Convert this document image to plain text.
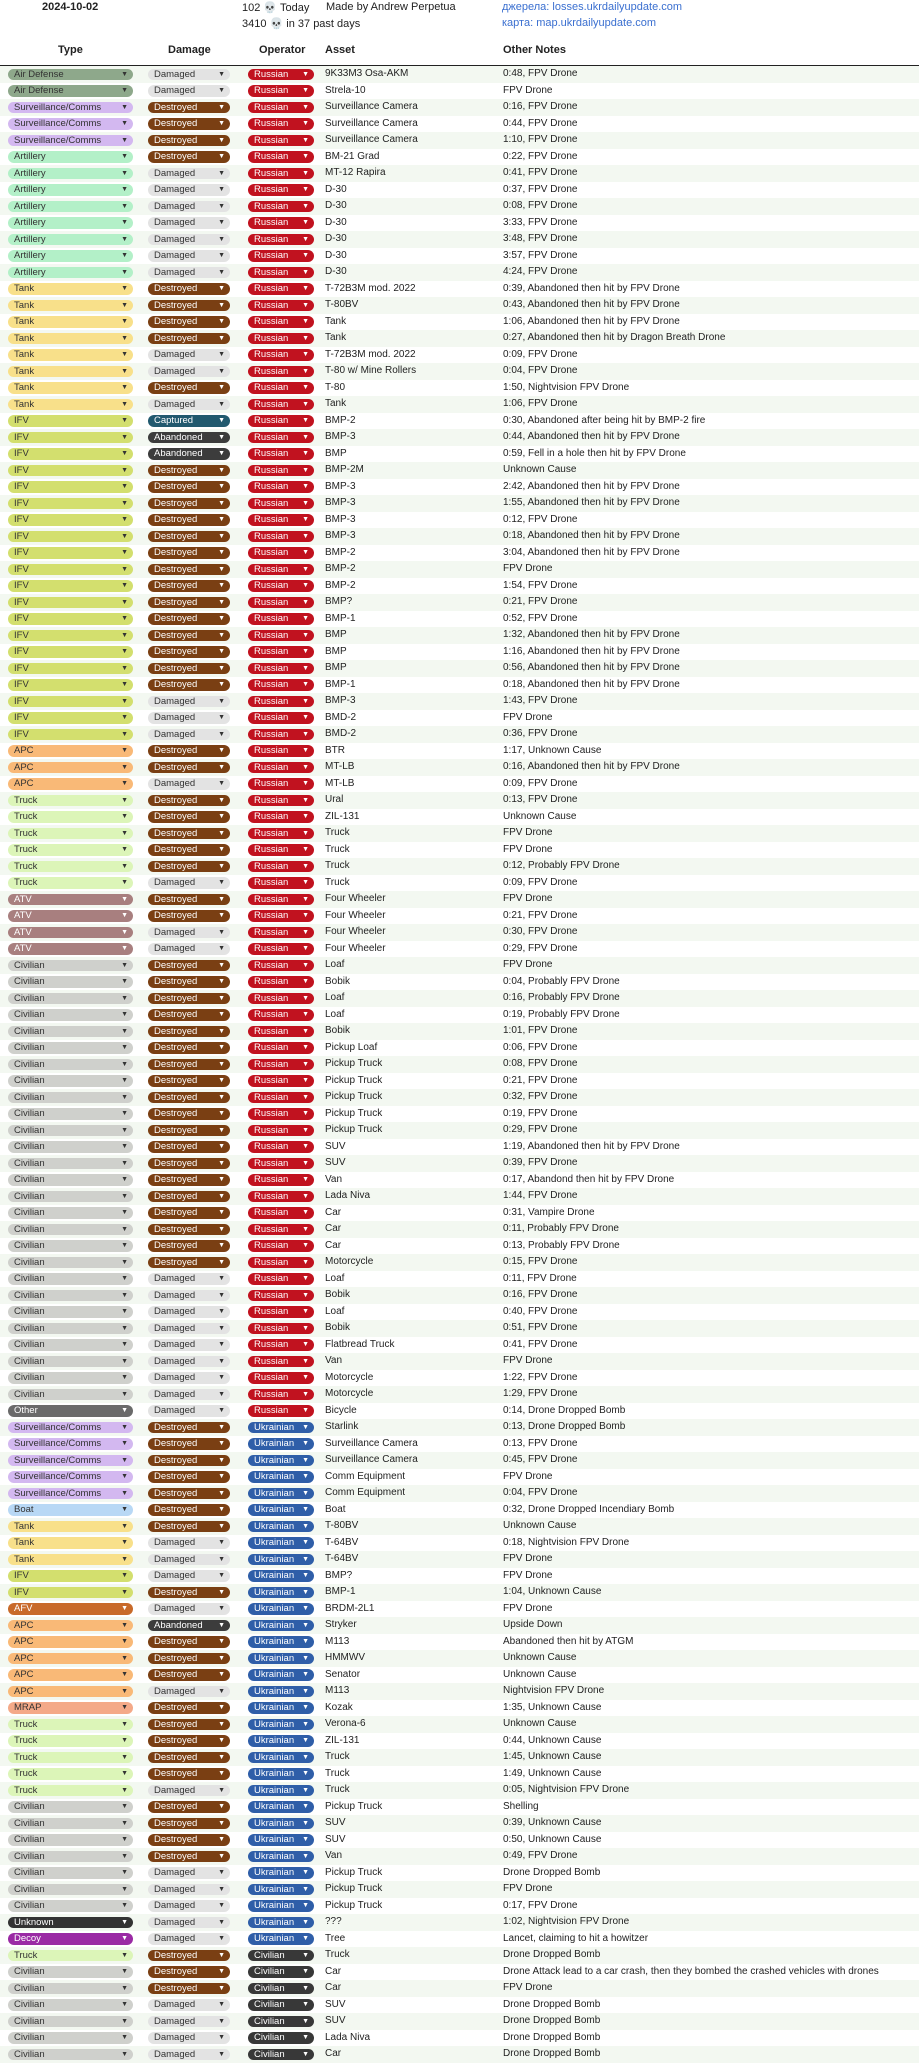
2024-10-02	102 💀 Today
3410 💀 in 37 past days
Made by Andrew Perpetua	джерела: losses.ukrdailyupdate.com
карта: map.ukrdailyupdate.com
Type	Damage	Operator Asset	Other Notes
Air Defense	▼	Damaged	▼	Russian ▼ 9K33M3 Osa-AKM	0:48, FPV Drone
Air Defense	▼	Damaged	▼	Russian ▼ Strela-10	FPV Drone
Surveillance/Comms	▼	Destroyed	▼	Russian ▼ Surveillance Camera	0:16, FPV Drone
Surveillance/Comms	▼	Destroyed	▼	Russian ▼ Surveillance Camera	0:44, FPV Drone
Surveillance/Comms	▼	Destroyed	▼	Russian ▼ Surveillance Camera	1:10, FPV Drone
Artillery	▼	Destroyed	▼	Russian ▼ BM-21 Grad	0:22, FPV Drone
Artillery	▼	Damaged	▼	Russian ▼ MT-12 Rapira	0:41, FPV Drone
Artillery	▼	Damaged	▼	Russian ▼ D-30	0:37, FPV Drone
Artillery	▼	Damaged	▼	Russian ▼ D-30	0:08, FPV Drone
Artillery	▼	Damaged	▼	Russian ▼ D-30	3:33, FPV Drone
Artillery	▼	Damaged	▼	Russian ▼ D-30	3:48, FPV Drone
Artillery	▼	Damaged	▼	Russian ▼ D-30	3:57, FPV Drone
Artillery	▼	Damaged	▼	Russian ▼ D-30	4:24, FPV Drone
Tank	▼	Destroyed	▼	Russian ▼ T-72B3M mod. 2022	0:39, Abandoned then hit by FPV Drone
Tank	▼	Destroyed	▼	Russian ▼ T-80BV	0:43, Abandoned then hit by FPV Drone
Tank	▼	Destroyed	▼	Russian ▼ Tank	1:06, Abandoned then hit by FPV Drone
Tank	▼	Destroyed	▼	Russian ▼ Tank	0:27, Abandoned then hit by Dragon Breath Drone
Tank	▼	Damaged	▼	Russian ▼ T-72B3M mod. 2022	0:09, FPV Drone
Tank	▼	Damaged	▼	Russian ▼ T-80 w/ Mine Rollers	0:04, FPV Drone
Tank	▼	Destroyed	▼	Russian ▼ T-80	1:50, Nightvision FPV Drone
Tank	▼	Damaged	▼	Russian ▼ Tank	1:06, FPV Drone
IFV	▼	Captured	▼	Russian ▼ BMP-2	0:30, Abandoned after being hit by BMP-2 fire
IFV	▼	Abandoned ▼	Russian ▼ BMP-3	0:44, Abandoned then hit by FPV Drone
IFV	▼	Abandoned ▼	Russian ▼ BMP	0:59, Fell in a hole then hit by FPV Drone
IFV	▼	Destroyed	▼	Russian ▼ BMP-2M	Unknown Cause
IFV	▼	Destroyed	▼	Russian ▼ BMP-3	2:42, Abandoned then hit by FPV Drone
IFV	▼	Destroyed	▼	Russian ▼ BMP-3	1:55, Abandoned then hit by FPV Drone
IFV	▼	Destroyed	▼	Russian ▼ BMP-3	0:12, FPV Drone
IFV	▼	Destroyed	▼	Russian ▼ BMP-3	0:18, Abandoned then hit by FPV Drone
IFV	▼	Destroyed	▼	Russian ▼ BMP-2	3:04, Abandoned then hit by FPV Drone
IFV	▼	Destroyed	▼	Russian ▼ BMP-2	FPV Drone
IFV	▼	Destroyed	▼	Russian ▼ BMP-2	1:54, FPV Drone
IFV	▼	Destroyed	▼	Russian ▼ BMP?	0:21, FPV Drone
IFV	▼	Destroyed	▼	Russian ▼ BMP-1	0:52, FPV Drone
IFV	▼	Destroyed	▼	Russian ▼ BMP	1:32, Abandoned then hit by FPV Drone
IFV	▼	Destroyed	▼	Russian ▼ BMP	1:16, Abandoned then hit by FPV Drone
IFV	▼	Destroyed	▼	Russian ▼ BMP	0:56, Abandoned then hit by FPV Drone
IFV	▼	Destroyed	▼	Russian ▼ BMP-1	0:18, Abandoned then hit by FPV Drone
IFV	▼	Damaged	▼	Russian ▼ BMP-3	1:43, FPV Drone
IFV	▼	Damaged	▼	Russian ▼ BMD-2	FPV Drone
IFV	▼	Damaged	▼	Russian ▼ BMD-2	0:36, FPV Drone
APC	▼	Destroyed	▼	Russian ▼ BTR	1:17, Unknown Cause
APC	▼	Destroyed	▼	Russian ▼ MT-LB	0:16, Abandoned then hit by FPV Drone
APC	▼	Damaged	▼	Russian ▼ MT-LB	0:09, FPV Drone
Truck	▼	Destroyed	▼	Russian ▼ Ural	0:13, FPV Drone
Truck	▼	Destroyed	▼	Russian ▼ ZIL-131	Unknown Cause
Truck	▼	Destroyed	▼	Russian ▼ Truck	FPV Drone
Truck	▼	Destroyed	▼	Russian ▼ Truck	FPV Drone
Truck	▼	Destroyed	▼	Russian ▼ Truck	0:12, Probably FPV Drone
Truck	▼	Damaged	▼	Russian ▼ Truck	0:09, FPV Drone
ATV	▼	Destroyed	▼	Russian ▼ Four Wheeler	FPV Drone
ATV	▼	Destroyed	▼	Russian ▼ Four Wheeler	0:21, FPV Drone
ATV	▼	Damaged	▼	Russian ▼ Four Wheeler	0:30, FPV Drone
ATV	▼	Damaged	▼	Russian ▼ Four Wheeler	0:29, FPV Drone
Civilian	▼	Destroyed	▼	Russian ▼ Loaf	FPV Drone
Civilian	▼	Destroyed	▼	Russian ▼ Bobik	0:04, Probably FPV Drone
Civilian	▼	Destroyed	▼	Russian ▼ Loaf	0:16, Probably FPV Drone
Civilian	▼	Destroyed	▼	Russian ▼ Loaf	0:19, Probably FPV Drone
Civilian	▼	Destroyed	▼	Russian ▼ Bobik	1:01, FPV Drone
Civilian	▼	Destroyed	▼	Russian ▼ Pickup Loaf	0:06, FPV Drone
Civilian	▼	Destroyed	▼	Russian ▼ Pickup Truck	0:08, FPV Drone
Civilian	▼	Destroyed	▼	Russian ▼ Pickup Truck	0:21, FPV Drone
Civilian	▼	Destroyed	▼	Russian ▼ Pickup Truck	0:32, FPV Drone
Civilian	▼	Destroyed	▼	Russian ▼ Pickup Truck	0:19, FPV Drone
Civilian	▼	Destroyed	▼	Russian ▼ Pickup Truck	0:29, FPV Drone
Civilian	▼	Destroyed	▼	Russian ▼ SUV	1:19, Abandoned then hit by FPV Drone
Civilian	▼	Destroyed	▼	Russian ▼ SUV	0:39, FPV Drone
Civilian	▼	Destroyed	▼	Russian ▼ Van	0:17, Abandond then hit by FPV Drone
Civilian	▼	Destroyed	▼	Russian ▼ Lada Niva	1:44, FPV Drone
Civilian	▼	Destroyed	▼	Russian ▼ Car	0:31, Vampire Drone
Civilian	▼	Destroyed	▼	Russian ▼ Car	0:11, Probably FPV Drone
Civilian	▼	Destroyed	▼	Russian ▼ Car	0:13, Probably FPV Drone
Civilian	▼	Destroyed	▼	Russian ▼ Motorcycle	0:15, FPV Drone
Civilian	▼	Damaged	▼	Russian ▼ Loaf	0:11, FPV Drone
Civilian	▼	Damaged	▼	Russian ▼ Bobik	0:16, FPV Drone
Civilian	▼	Damaged	▼	Russian ▼ Loaf	0:40, FPV Drone
Civilian	▼	Damaged	▼	Russian ▼ Bobik	0:51, FPV Drone
Civilian	▼	Damaged	▼	Russian ▼ Flatbread Truck	0:41, FPV Drone
Civilian	▼	Damaged	▼	Russian ▼ Van	FPV Drone
Civilian	▼	Damaged	▼	Russian ▼ Motorcycle	1:22, FPV Drone
Civilian	▼	Damaged	▼	Russian ▼ Motorcycle	1:29, FPV Drone
Other	▼	Damaged	▼	Russian ▼ Bicycle	0:14, Drone Dropped Bomb
Surveillance/Comms	▼	Destroyed	▼	Ukrainian ▼ Starlink	0:13, Drone Dropped Bomb
Surveillance/Comms	▼	Destroyed	▼	Ukrainian ▼ Surveillance Camera	0:13, FPV Drone
Surveillance/Comms	▼	Destroyed	▼	Ukrainian ▼ Surveillance Camera	0:45, FPV Drone
Surveillance/Comms	▼	Destroyed	▼	Ukrainian ▼ Comm Equipment	FPV Drone
Surveillance/Comms	▼	Destroyed	▼	Ukrainian ▼ Comm Equipment	0:04, FPV Drone
Boat	▼	Destroyed	▼	Ukrainian ▼ Boat	0:32, Drone Dropped Incendiary Bomb
Tank	▼	Destroyed	▼	Ukrainian ▼ T-80BV	Unknown Cause
Tank	▼	Damaged	▼	Ukrainian ▼ T-64BV	0:18, Nightvision FPV Drone
Tank	▼	Damaged	▼	Ukrainian ▼ T-64BV	FPV Drone
IFV	▼	Damaged	▼	Ukrainian ▼ BMP?	FPV Drone
IFV	▼	Destroyed	▼	Ukrainian ▼ BMP-1	1:04, Unknown Cause
AFV	▼	Damaged	▼	Ukrainian ▼ BRDM-2L1	FPV Drone
APC	▼	Abandoned ▼	Ukrainian ▼ Stryker	Upside Down
APC	▼	Destroyed	▼	Ukrainian ▼ M113	Abandoned then hit by ATGM
APC	▼	Destroyed	▼	Ukrainian ▼ HMMWV	Unknown Cause
APC	▼	Destroyed	▼	Ukrainian ▼ Senator	Unknown Cause
APC	▼	Damaged	▼	Ukrainian ▼ M113	Nightvision FPV Drone
MRAP	▼	Destroyed	▼	Ukrainian ▼ Kozak	1:35, Unknown Cause
Truck	▼	Destroyed	▼	Ukrainian ▼ Verona-6	Unknown Cause
Truck	▼	Destroyed	▼	Ukrainian ▼ ZIL-131	0:44, Unknown Cause
Truck	▼	Destroyed	▼	Ukrainian ▼ Truck	1:45, Unknown Cause
Truck	▼	Destroyed	▼	Ukrainian ▼ Truck	1:49, Unknown Cause
Truck	▼	Damaged	▼	Ukrainian ▼ Truck	0:05, Nightvision FPV Drone
Civilian	▼	Destroyed	▼	Ukrainian ▼ Pickup Truck	Shelling
Civilian	▼	Destroyed	▼	Ukrainian ▼ SUV	0:39, Unknown Cause
Civilian	▼	Destroyed	▼	Ukrainian ▼ SUV	0:50, Unknown Cause
Civilian	▼	Destroyed	▼	Ukrainian ▼ Van	0:49, FPV Drone
Civilian	▼	Damaged	▼	Ukrainian ▼ Pickup Truck	Drone Dropped Bomb
Civilian	▼	Damaged	▼	Ukrainian ▼ Pickup Truck	FPV Drone
Civilian	▼	Damaged	▼	Ukrainian ▼ Pickup Truck	0:17, FPV Drone
Unknown	▼	Damaged	▼	Ukrainian ▼ ???	1:02, Nightvision FPV Drone
Decoy	▼	Damaged	▼	Ukrainian ▼ Tree	Lancet, claiming to hit a howitzer
Truck	▼	Destroyed	▼	Civilian ▼ Truck	Drone Dropped Bomb
Civilian	▼	Destroyed	▼	Civilian ▼ Car	Drone Attack lead to a car crash, then they bombed the crashed vehicles with drones
Civilian	▼	Destroyed	▼	Civilian ▼ Car	FPV Drone
Civilian	▼	Damaged	▼	Civilian ▼ SUV	Drone Dropped Bomb
Civilian	▼	Damaged	▼	Civilian ▼ SUV	Drone Dropped Bomb
Civilian	▼	Damaged	▼	Civilian ▼ Lada Niva	Drone Dropped Bomb
Civilian	▼	Damaged	▼	Civilian ▼ Car	Drone Dropped Bomb
